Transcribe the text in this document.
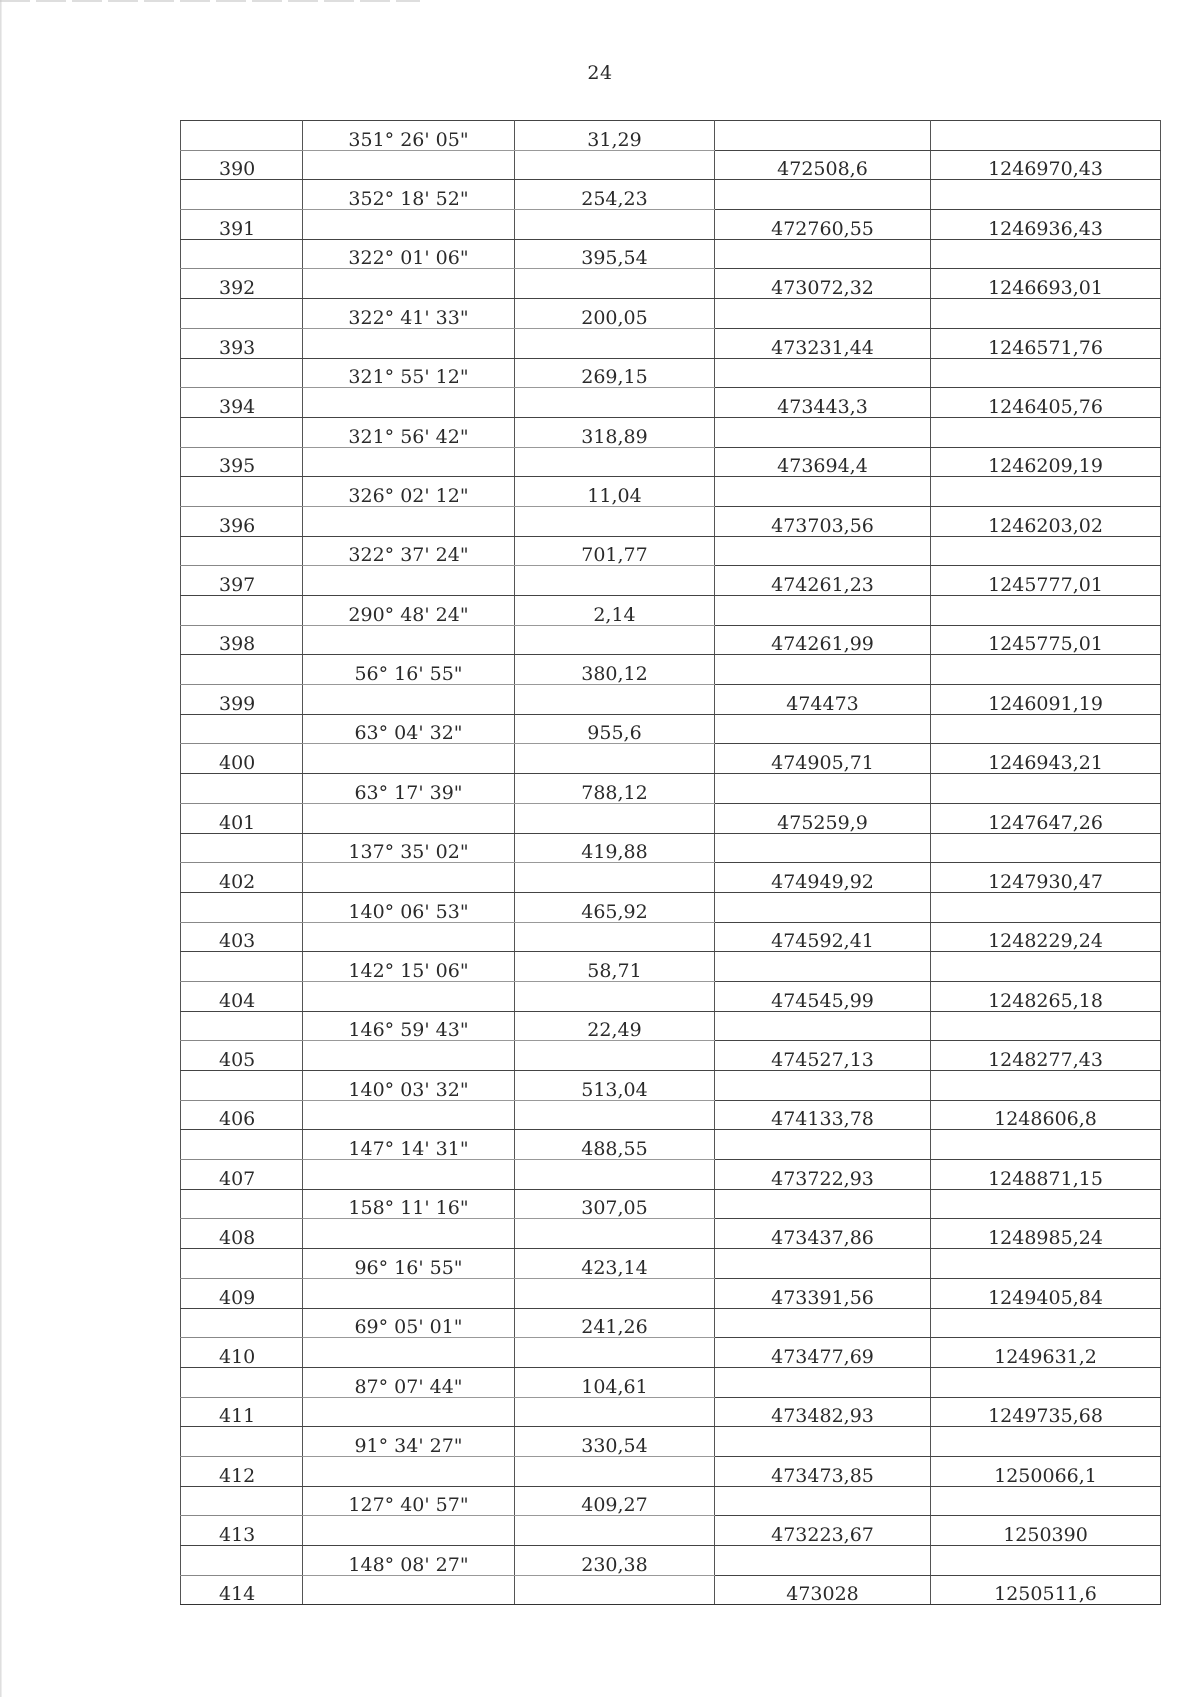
24
	351° 26' 05"	31,29		
390			472508,6	1246970,43
	352° 18' 52"	254,23		
391			472760,55	1246936,43
	322° 01' 06"	395,54		
392			473072,32	1246693,01
	322° 41' 33"	200,05		
393			473231,44	1246571,76
	321° 55' 12"	269,15		
394			473443,3	1246405,76
	321° 56' 42"	318,89		
395			473694,4	1246209,19
	326° 02' 12"	11,04		
396			473703,56	1246203,02
	322° 37' 24"	701,77		
397			474261,23	1245777,01
	290° 48' 24"	2,14		
398			474261,99	1245775,01
	56° 16' 55"	380,12		
399			474473	1246091,19
	63° 04' 32"	955,6		
400			474905,71	1246943,21
	63° 17' 39"	788,12		
401			475259,9	1247647,26
	137° 35' 02"	419,88		
402			474949,92	1247930,47
	140° 06' 53"	465,92		
403			474592,41	1248229,24
	142° 15' 06"	58,71		
404			474545,99	1248265,18
	146° 59' 43"	22,49		
405			474527,13	1248277,43
	140° 03' 32"	513,04		
406			474133,78	1248606,8
	147° 14' 31"	488,55		
407			473722,93	1248871,15
	158° 11' 16"	307,05		
408			473437,86	1248985,24
	96° 16' 55"	423,14		
409			473391,56	1249405,84
	69° 05' 01"	241,26		
410			473477,69	1249631,2
	87° 07' 44"	104,61		
411			473482,93	1249735,68
	91° 34' 27"	330,54		
412			473473,85	1250066,1
	127° 40' 57"	409,27		
413			473223,67	1250390
	148° 08' 27"	230,38		
414			473028	1250511,6
